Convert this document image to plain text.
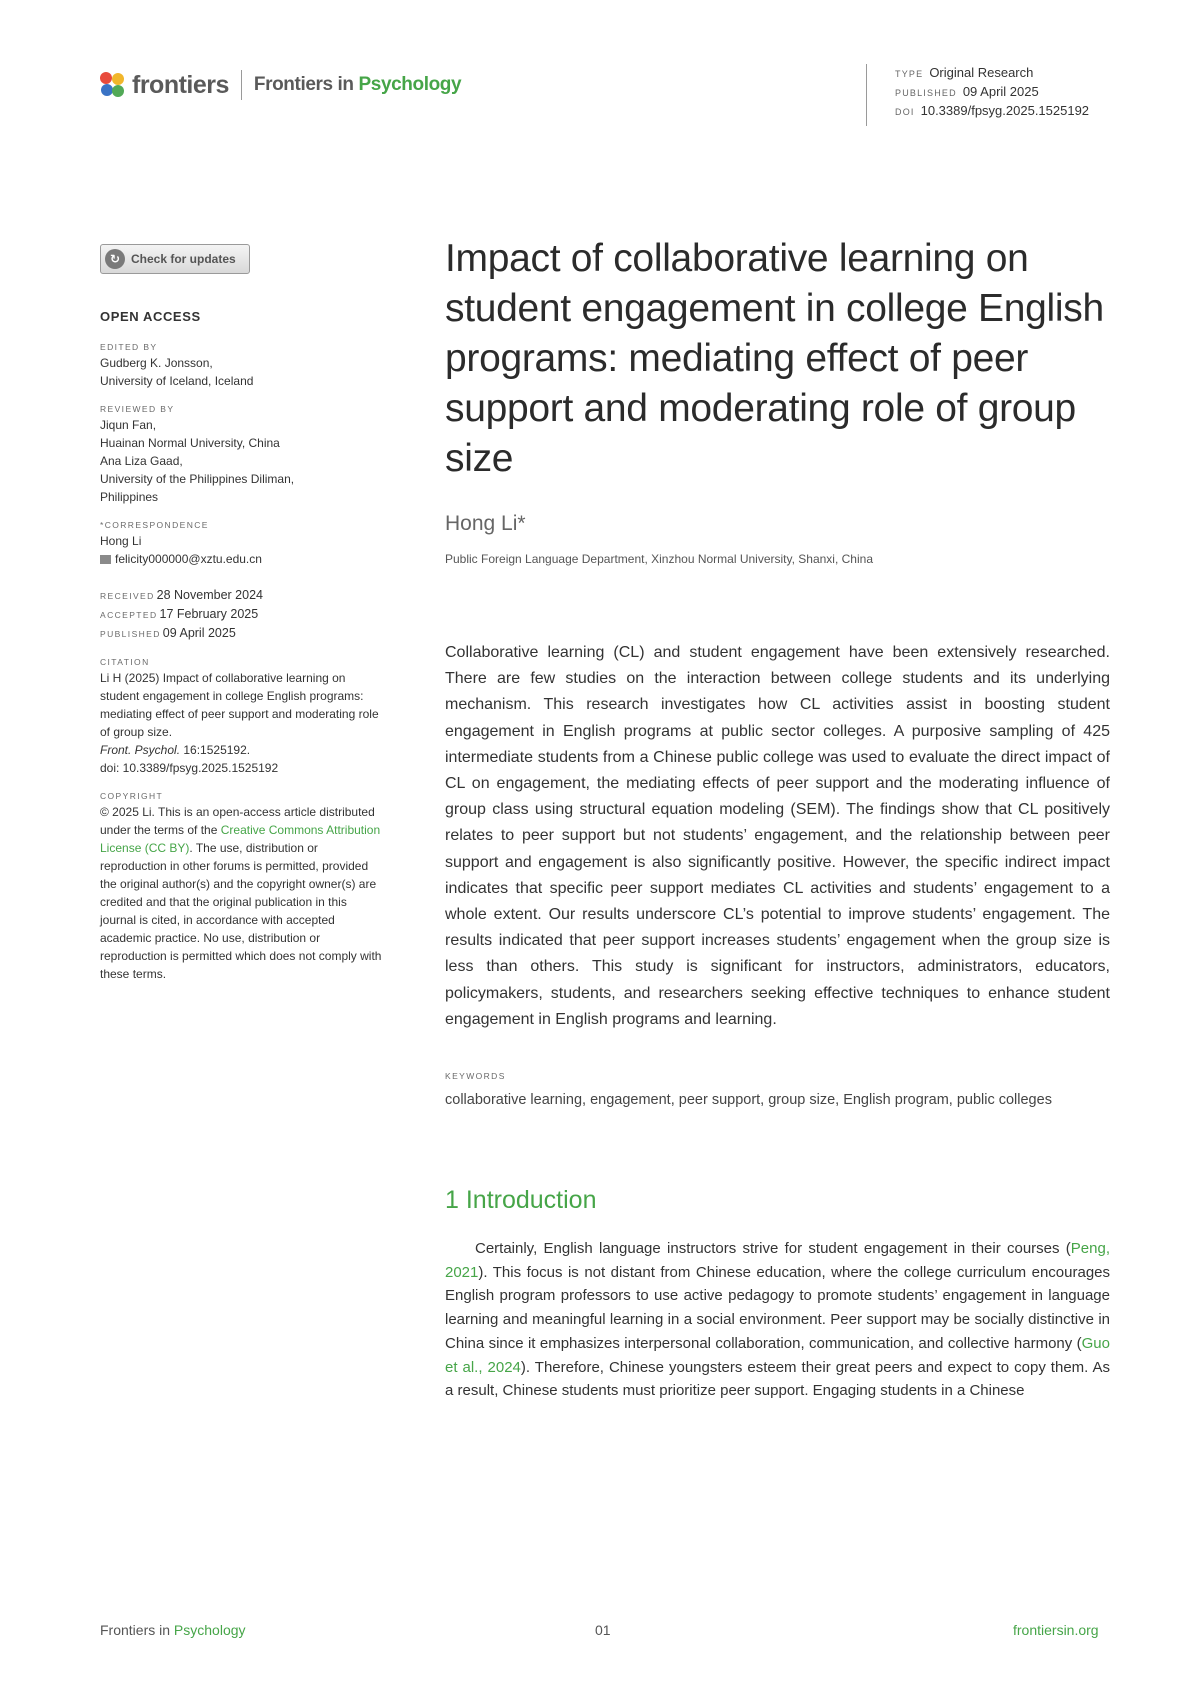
frontiers Frontiers in Psychology	TYPE Original Research
PUBLISHED 09 April 2025
DOI 10.3389/fpsyg.2025.1525192
↻ Check for updates
OPEN ACCESS
EDITED BY
Gudberg K. Jonsson,
University of Iceland, Iceland
REVIEWED BY
Jiqun Fan,
Huainan Normal University, China
Ana Liza Gaad,
University of the Philippines Diliman,
Philippines
*CORRESPONDENCE
Hong Li
felicity000000@xztu.edu.cn
RECEIVED 28 November 2024
ACCEPTED 17 February 2025
PUBLISHED 09 April 2025
CITATION
Li H (2025) Impact of collaborative learning on student engagement in college English programs: mediating effect of peer support and moderating role of group size.
Front. Psychol. 16:1525192.
doi: 10.3389/fpsyg.2025.1525192
COPYRIGHT
© 2025 Li. This is an open-access article distributed under the terms of the Creative Commons Attribution License (CC BY). The use, distribution or reproduction in other forums is permitted, provided the original author(s) and the copyright owner(s) are credited and that the original publication in this journal is cited, in accordance with accepted academic practice. No use, distribution or reproduction is permitted which does not comply with these terms.
Impact of collaborative learning on student engagement in college English programs: mediating effect of peer support and moderating role of group size
Hong Li*
Public Foreign Language Department, Xinzhou Normal University, Shanxi, China
Collaborative learning (CL) and student engagement have been extensively researched. There are few studies on the interaction between college students and its underlying mechanism. This research investigates how CL activities assist in boosting student engagement in English programs at public sector colleges. A purposive sampling of 425 intermediate students from a Chinese public college was used to evaluate the direct impact of CL on engagement, the mediating effects of peer support and the moderating influence of group class using structural equation modeling (SEM). The findings show that CL positively relates to peer support but not students’ engagement, and the relationship between peer support and engagement is also significantly positive. However, the specific indirect impact indicates that specific peer support mediates CL activities and students’ engagement to a whole extent. Our results underscore CL’s potential to improve students’ engagement. The results indicated that peer support increases students’ engagement when the group size is less than others. This study is significant for instructors, administrators, educators, policymakers, students, and researchers seeking effective techniques to enhance student engagement in English programs and learning.
KEYWORDS
collaborative learning, engagement, peer support, group size, English program, public colleges
1 Introduction
Certainly, English language instructors strive for student engagement in their courses (Peng, 2021). This focus is not distant from Chinese education, where the college curriculum encourages English program professors to use active pedagogy to promote students’ engagement in language learning and meaningful learning in a social environment. Peer support may be socially distinctive in China since it emphasizes interpersonal collaboration, communication, and collective harmony (Guo et al., 2024). Therefore, Chinese youngsters esteem their great peers and expect to copy them. As a result, Chinese students must prioritize peer support. Engaging students in a Chinese
Frontiers in Psychology	01	frontiersin.org
